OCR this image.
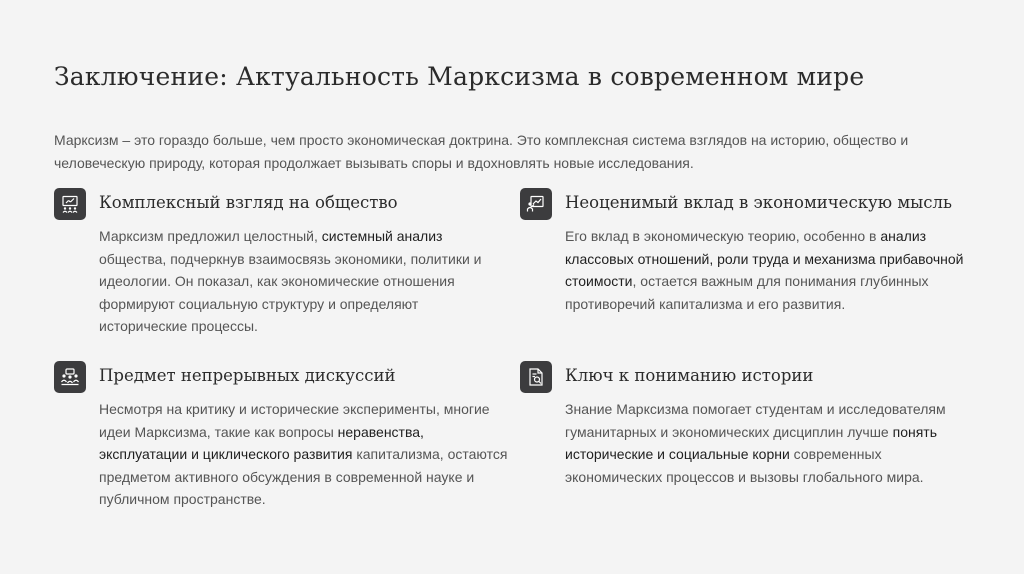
Заключение: Актуальность Марксизма в современном мире
Марксизм – это гораздо больше, чем просто экономическая доктрина. Это комплексная система взглядов на историю, общество и
человеческую природу, которая продолжает вызывать споры и вдохновлять новые исследования.
Комплексный взгляд на общество
Марксизм предложил целостный, системный анализ
общества, подчеркнув взаимосвязь экономики, политики и
идеологии. Он показал, как экономические отношения
формируют социальную структуру и определяют
исторические процессы.
Неоценимый вклад в экономическую мысль
Его вклад в экономическую теорию, особенно в анализ
классовых отношений, роли труда и механизма прибавочной
стоимости, остается важным для понимания глубинных
противоречий капитализма и его развития.
Предмет непрерывных дискуссий
Несмотря на критику и исторические эксперименты, многие
идеи Марксизма, такие как вопросы неравенства,
эксплуатации и циклического развития капитализма, остаются
предметом активного обсуждения в современной науке и
публичном пространстве.
Ключ к пониманию истории
Знание Марксизма помогает студентам и исследователям
гуманитарных и экономических дисциплин лучше понять
исторические и социальные корни современных
экономических процессов и вызовы глобального мира.
